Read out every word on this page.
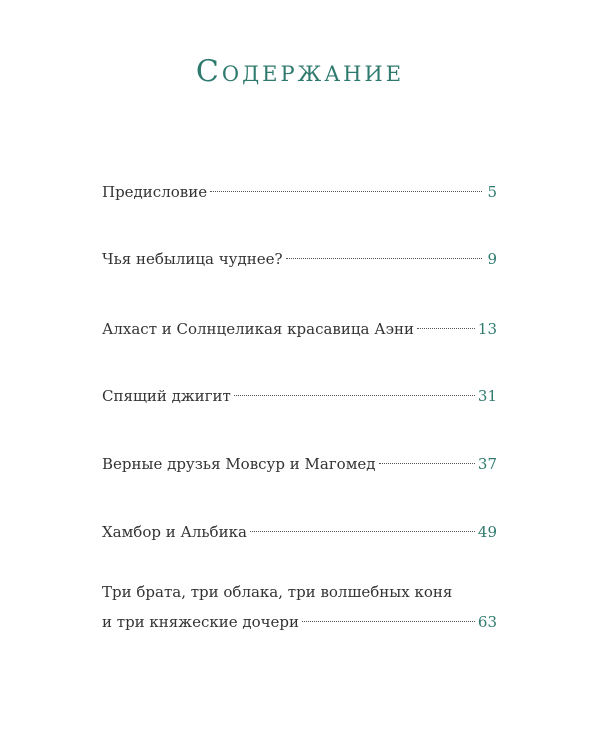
Содержание
Предисловие	5
Чья небылица чуднее?	9
Алхаст и Солнцеликая красавица Аэни	13
Спящий джигит	31
Верные друзья Мовсур и Магомед	37
Хамбор и Альбика	49
Три брата, три облака, три волшебных коня
и три княжеские дочери	63
